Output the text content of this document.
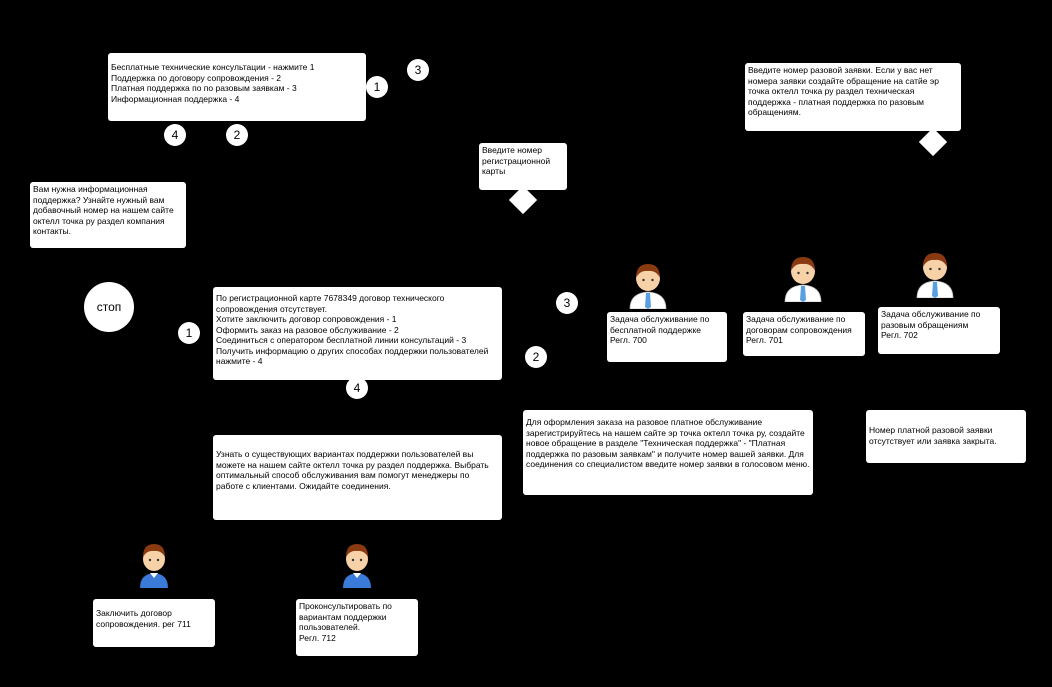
Бесплатные технические консультации - нажмите 1
Поддержка по договору сопровождения - 2
Платная поддержка по по разовым заявкам - 3
Информационная поддержка - 4
1
3
4	2
Вам нужна информационная поддержка? Узнайте нужный вам добавочный номер на нашем сайте октелл точка ру раздел компания контакты.
стоп
Введите номер регистрационной карты
Введите номер разовой заявки. Если у вас нет номера заявки создайте обращение на сатйе эр точка октелл точка ру раздел техническая поддержка - платная поддержка по разовым обращениям.
По регистрационной карте 7678349 договор технического сопровождения отсутствует.
Хотите заключить договор сопровождения - 1
Оформить заказ на разовое обслуживание - 2
Соединиться с оператором бесплатной линии консультаций - 3
Получить информацию о других способах поддержки пользователей нажмите - 4
1
4
3
2
Задача обслуживание по бесплатной поддержке
Регл. 700
Задача обслуживание по договорам сопровождения
Регл. 701
Задача обслуживание по разовым обращениям
Регл. 702
Для оформления заказа на разовое платное обслуживание зарегистрируйтесь на нашем сайте эр точка октелл точка ру, создайте новое обращение в разделе "Техническая поддержка" - "Платная поддержка по разовым заявкам" и получите номер вашей заявки. Для соединения со специалистом введите номер заявки в голосовом меню.
Номер платной разовой заявки отсутствует или заявка закрыта.
Узнать о существующих вариантах поддержки пользователей вы можете на нашем сайте октелл точка ру раздел поддержка. Выбрать оптимальный способ обслуживания вам помогут менеджеры по работе с клиентами. Ожидайте соединения.
Заключить договор сопровождения. рег 711
Проконсультировать по вариантам поддержки пользователей.
Регл. 712
